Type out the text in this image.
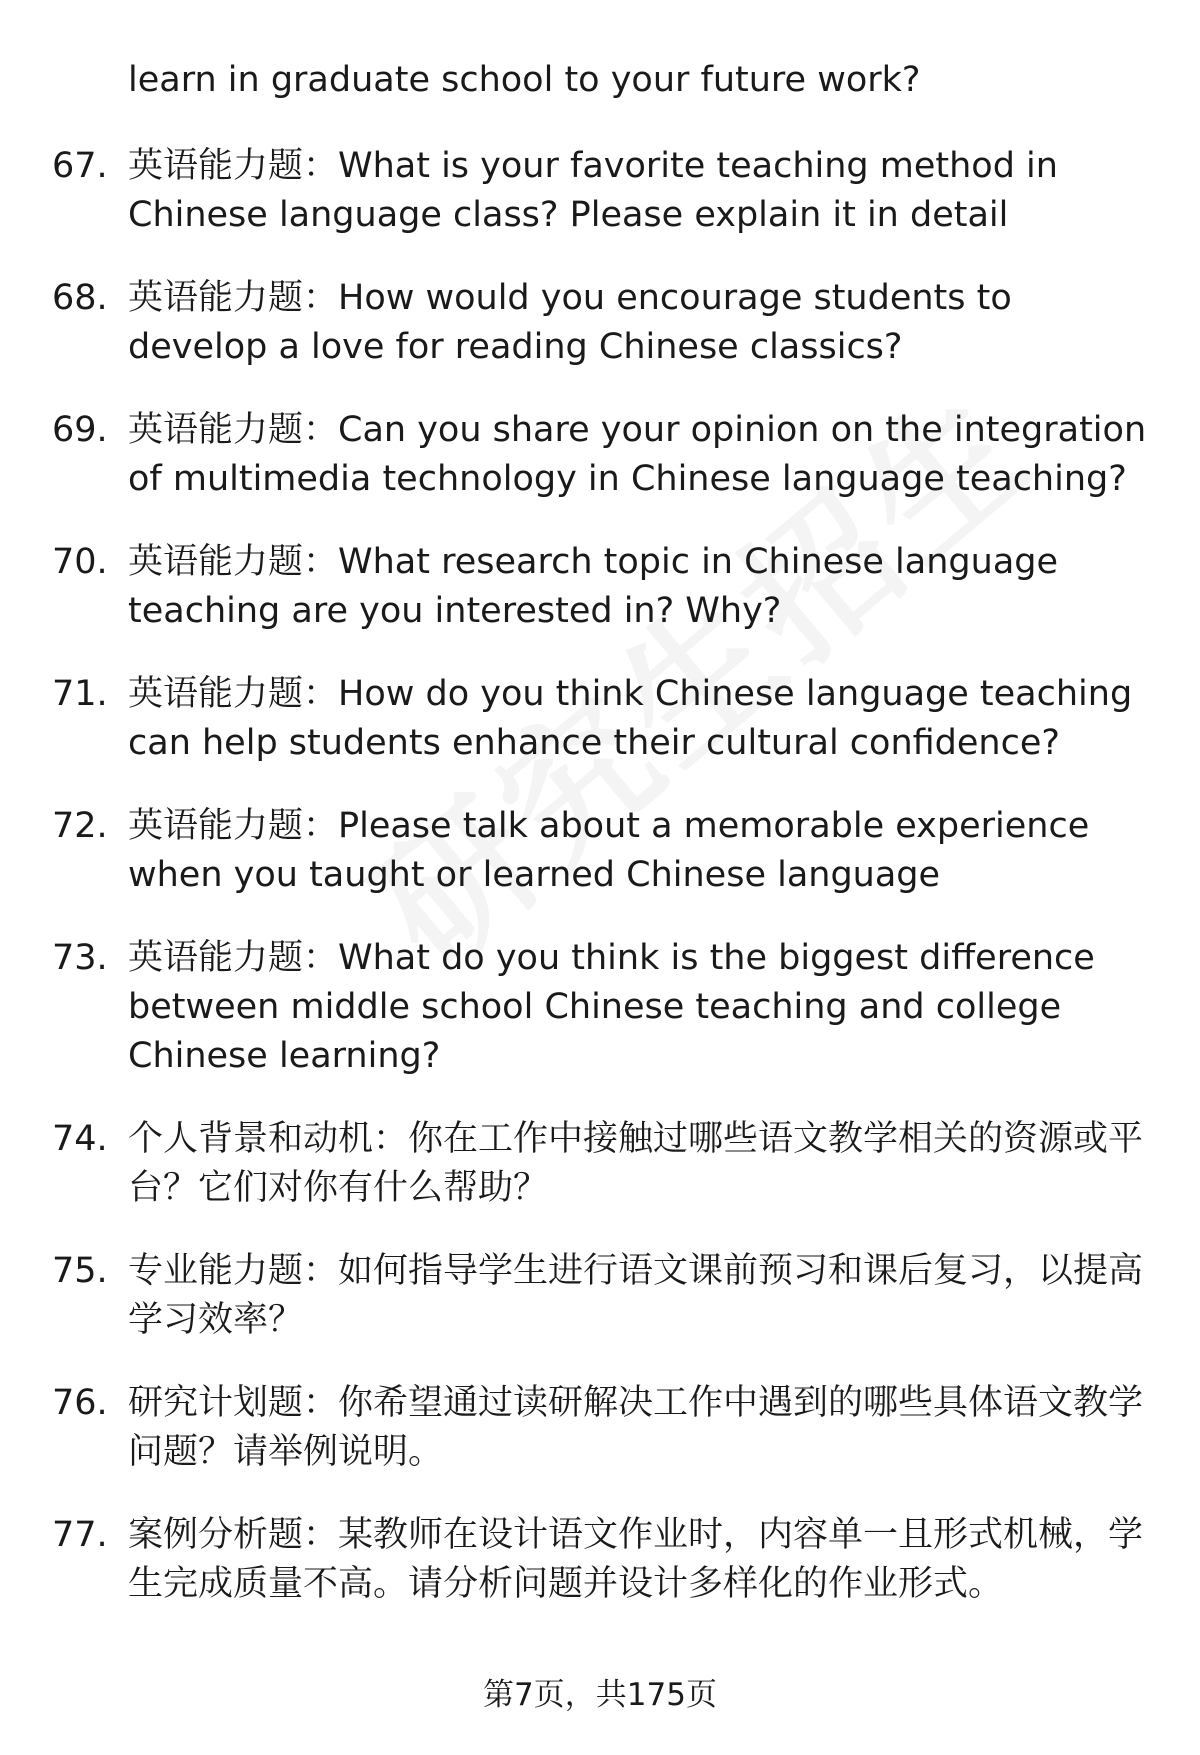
learn in graduate school to your future work?
67. 英语能力题：What is your favorite teaching method in Chinese language class? Please explain it in detail
68. 英语能力题：How would you encourage students to develop a love for reading Chinese classics?
69. 英语能力题：Can you share your opinion on the integration of multimedia technology in Chinese language teaching?
70. 英语能力题：What research topic in Chinese language teaching are you interested in? Why?
71. 英语能力题：How do you think Chinese language teaching can help students enhance their cultural confidence?
72. 英语能力题：Please talk about a memorable experience when you taught or learned Chinese language
73. 英语能力题：What do you think is the biggest difference between middle school Chinese teaching and college Chinese learning?
74. 个人背景和动机：你在工作中接触过哪些语文教学相关的资源或平台？它们对你有什么帮助？
75. 专业能力题：如何指导学生进行语文课前预习和课后复习，以提高学习效率？
76. 研究计划题：你希望通过读研解决工作中遇到的哪些具体语文教学问题？请举例说明。
77. 案例分析题：某教师在设计语文作业时，内容单一且形式机械，学生完成质量不高。请分析问题并设计多样化的作业形式。
第7页，共175页
